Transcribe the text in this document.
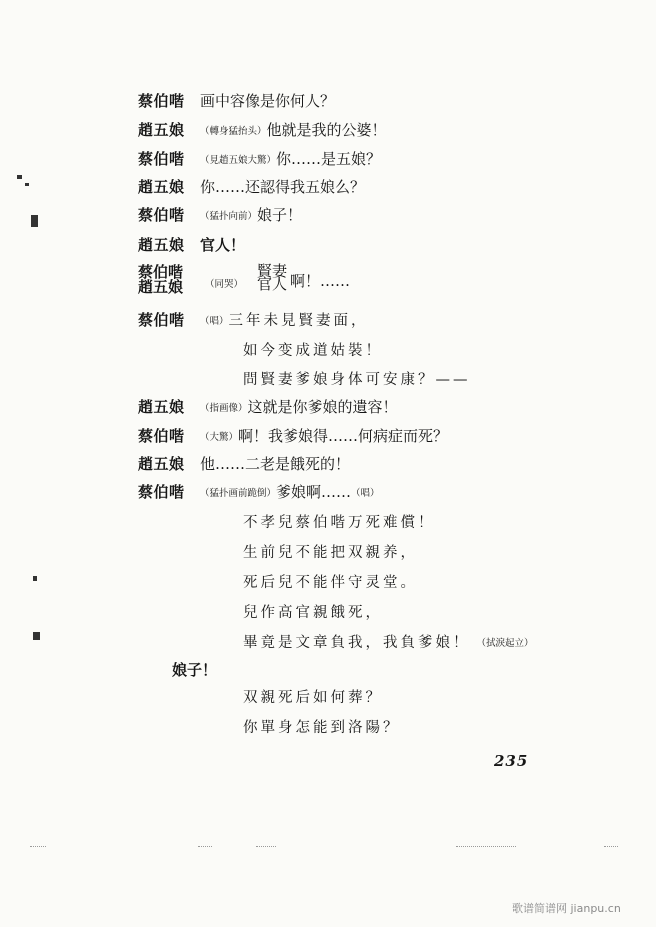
蔡伯喈 画中容像是你何人？
趙五娘 （轉身猛抬头）他就是我的公婆！
蔡伯喈 （見趙五娘大驚）你……是五娘？
趙五娘 你……还認得我五娘么？
蔡伯喈 （猛扑向前）娘子！
趙五娘 官人！
蔡伯喈
趙五娘 （同哭）
賢妻
官人 啊！……
蔡伯喈 （唱）三年未見賢妻面，
如今变成道姑裝！
問賢妻爹娘身体可安康？——
趙五娘 （指画像）这就是你爹娘的遺容！
蔡伯喈 （大驚）啊！我爹娘得……何病症而死？
趙五娘 他……二老是餓死的！
蔡伯喈 （猛扑画前跪倒）爹娘啊……（唱）
不孝兒蔡伯喈万死难償！
生前兒不能把双親养，
死后兒不能伴守灵堂。
兒作高官親餓死，
畢竟是文章負我，我負爹娘！ （拭淚起立）
娘子！
双親死后如何葬？
你單身怎能到洛陽？
235
歌谱简谱网 jianpu.cn
